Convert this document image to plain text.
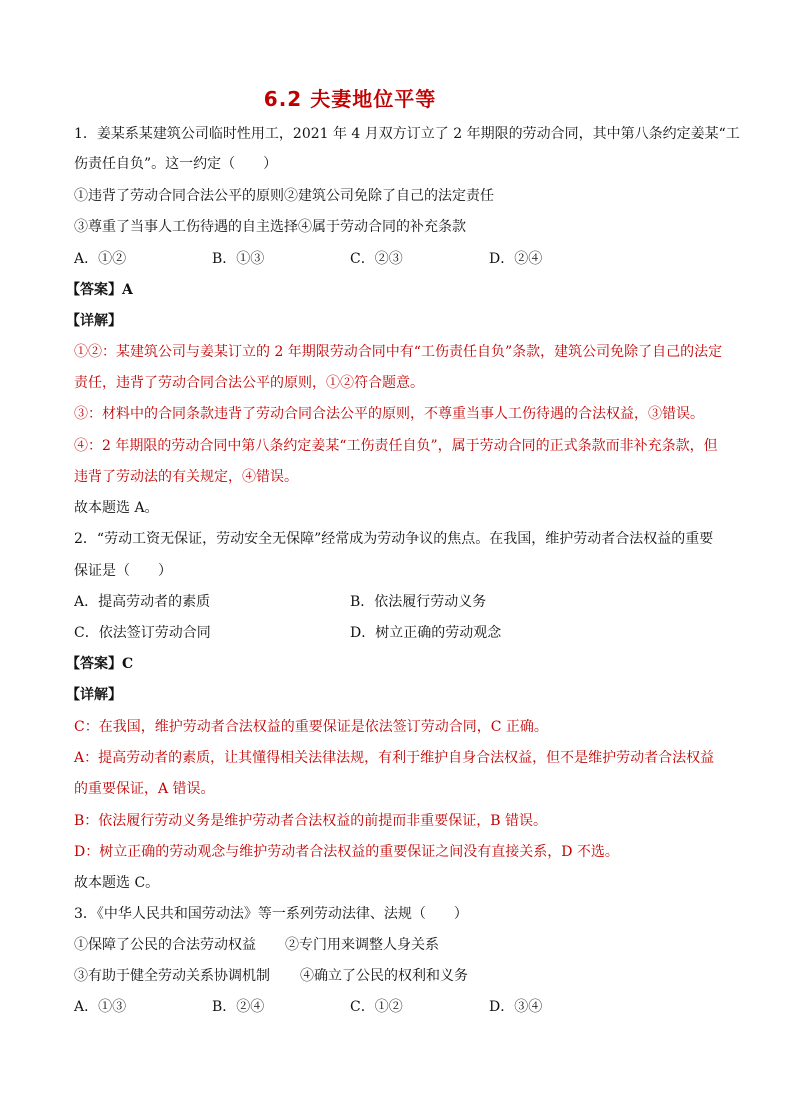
6.2 夫妻地位平等
1．姜某系某建筑公司临时性用工，2021 年 4 月双方订立了 2 年期限的劳动合同，其中第八条约定姜某“工
伤责任自负”。这一约定（　　）
①违背了劳动合同合法公平的原则②建筑公司免除了自己的法定责任
③尊重了当事人工伤待遇的自主选择④属于劳动合同的补充条款
A．①②	B．①③	C．②③	D．②④
【答案】A
【详解】
①②：某建筑公司与姜某订立的 2 年期限劳动合同中有“工伤责任自负”条款，建筑公司免除了自己的法定
责任，违背了劳动合同合法公平的原则，①②符合题意。
③：材料中的合同条款违背了劳动合同合法公平的原则，不尊重当事人工伤待遇的合法权益，③错误。
④：2 年期限的劳动合同中第八条约定姜某“工伤责任自负”，属于劳动合同的正式条款而非补充条款，但
违背了劳动法的有关规定，④错误。
故本题选 A。
2．“劳动工资无保证，劳动安全无保障”经常成为劳动争议的焦点。在我国，维护劳动者合法权益的重要
保证是（　　）
A．提高劳动者的素质	B．依法履行劳动义务
C．依法签订劳动合同	D．树立正确的劳动观念
【答案】C
【详解】
C：在我国，维护劳动者合法权益的重要保证是依法签订劳动合同，C 正确。
A：提高劳动者的素质，让其懂得相关法律法规，有利于维护自身合法权益，但不是维护劳动者合法权益
的重要保证，A 错误。
B：依法履行劳动义务是维护劳动者合法权益的前提而非重要保证，B 错误。
D：树立正确的劳动观念与维护劳动者合法权益的重要保证之间没有直接关系，D 不选。
故本题选 C。
3．《中华人民共和国劳动法》等一系列劳动法律、法规（　　）
①保障了公民的合法劳动权益 ②专门用来调整人身关系
③有助于健全劳动关系协调机制 ④确立了公民的权利和义务
A．①③	B．②④	C．①②	D．③④
